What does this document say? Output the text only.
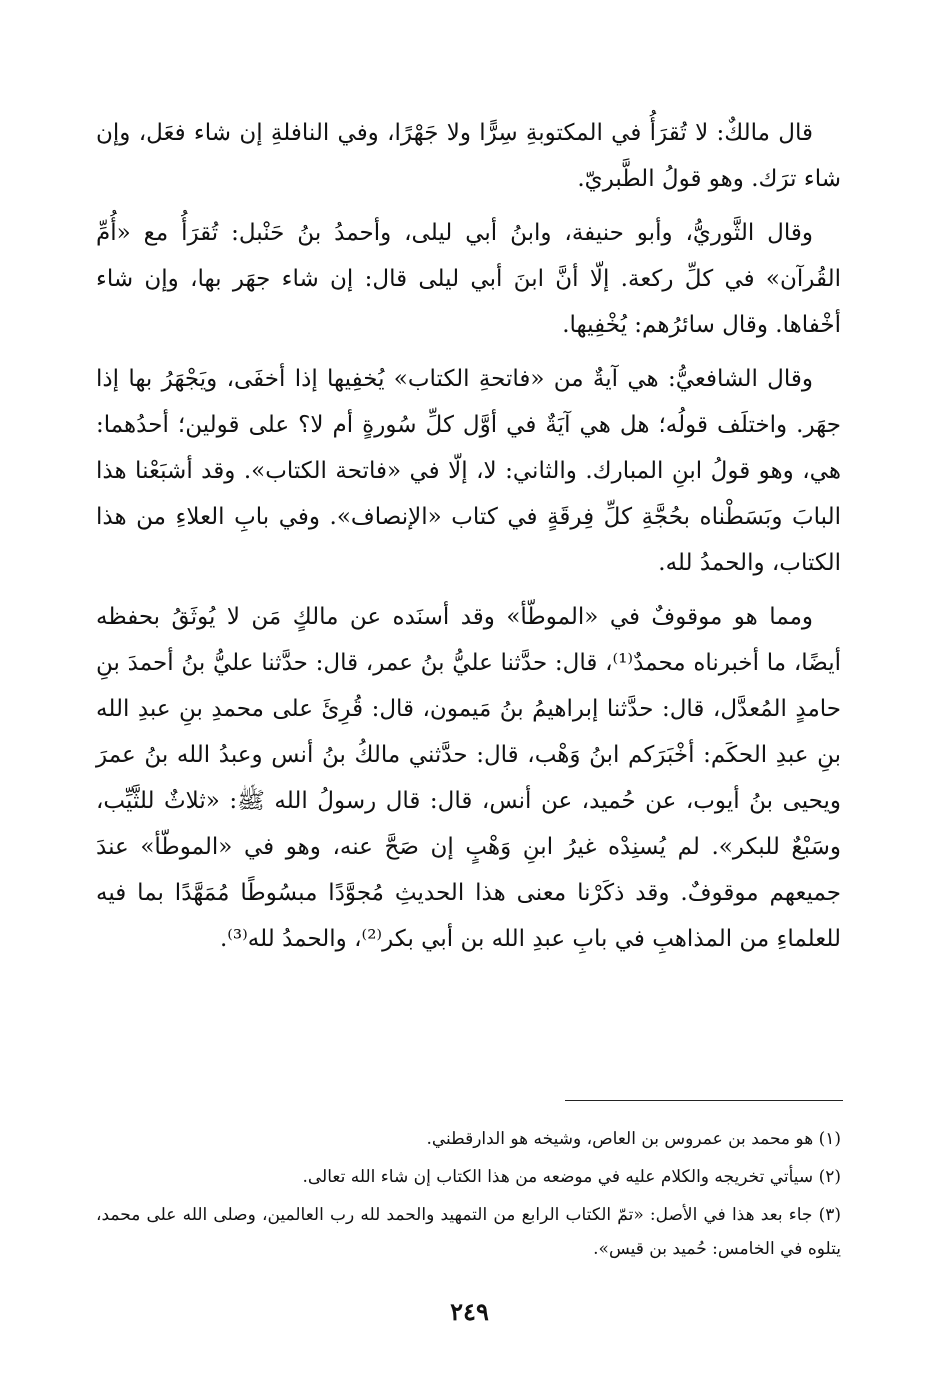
قال مالكٌ: لا تُقرَأُ في المكتوبةِ سِرًّا ولا جَهْرًا، وفي النافلةِ إن شاء فعَل، وإن شاء ترَك. وهو قولُ الطَّبريّ.

وقال الثَّوريُّ، وأبو حنيفة، وابنُ أبي ليلى، وأحمدُ بنُ حَنْبل: تُقرَأُ مع «أُمِّ القُرآن» في كلِّ ركعة. إلّا أنَّ ابنَ أبي ليلى قال: إن شاء جهَر بها، وإن شاء أخْفاها. وقال سائرُهم: يُخْفِيها.

وقال الشافعيُّ: هي آيةٌ من «فاتحةِ الكتاب» يُخفِيها إذا أخفَى، ويَجْهَرُ بها إذا جهَر. واختلَف قولُه؛ هل هي آيَةٌ في أوَّل كلِّ سُورةٍ أم لا؟ على قولين؛ أحدُهما: هي، وهو قولُ ابنِ المبارك. والثاني: لا، إلّا في «فاتحة الكتاب». وقد أشبَعْنا هذا البابَ وبَسَطْناه بحُجَّةِ كلِّ فِرقَةٍ في كتاب «الإنصاف». وفي بابِ العلاءِ من هذا الكتاب، والحمدُ لله.

ومما هو موقوفٌ في «الموطّأ» وقد أسنَده عن مالكٍ مَن لا يُوثَقُ بحفظه أيضًا، ما أخبرناه محمدٌ⁽¹⁾، قال: حدَّثنا عليُّ بنُ عمر، قال: حدَّثنا عليُّ بنُ أحمدَ بنِ حامدٍ المُعدَّل، قال: حدَّثنا إبراهيمُ بنُ مَيمون، قال: قُرِئَ على محمدِ بنِ عبدِ الله بنِ عبدِ الحكَم: أخْبَرَكم ابنُ وَهْب، قال: حدَّثني مالكُ بنُ أنس وعبدُ الله بنُ عمرَ ويحيى بنُ أيوب، عن حُميد، عن أنس، قال: قال رسولُ الله ﷺ: «ثلاثٌ للثَّيِّب، وسَبْعٌ للبكر». لم يُسنِدْه غيرُ ابنِ وَهْبٍ إن صَحَّ عنه، وهو في «الموطّأ» عندَ جميعهم موقوفٌ. وقد ذكَرْنا معنى هذا الحديثِ مُجوَّدًا مبسُوطًا مُمَهَّدًا بما فيه للعلماءِ من المذاهبِ في بابِ عبدِ الله بن أبي بكر⁽²⁾، والحمدُ لله⁽³⁾.

(١) هو محمد بن عمروس بن العاص، وشيخه هو الدارقطني.

(٢) سيأتي تخريجه والكلام عليه في موضعه من هذا الكتاب إن شاء الله تعالى.

(٣) جاء بعد هذا في الأصل: «تمّ الكتاب الرابع من التمهيد والحمد لله رب العالمين، وصلى الله على محمد، يتلوه في الخامس: حُميد بن قيس».

٢٤٩
